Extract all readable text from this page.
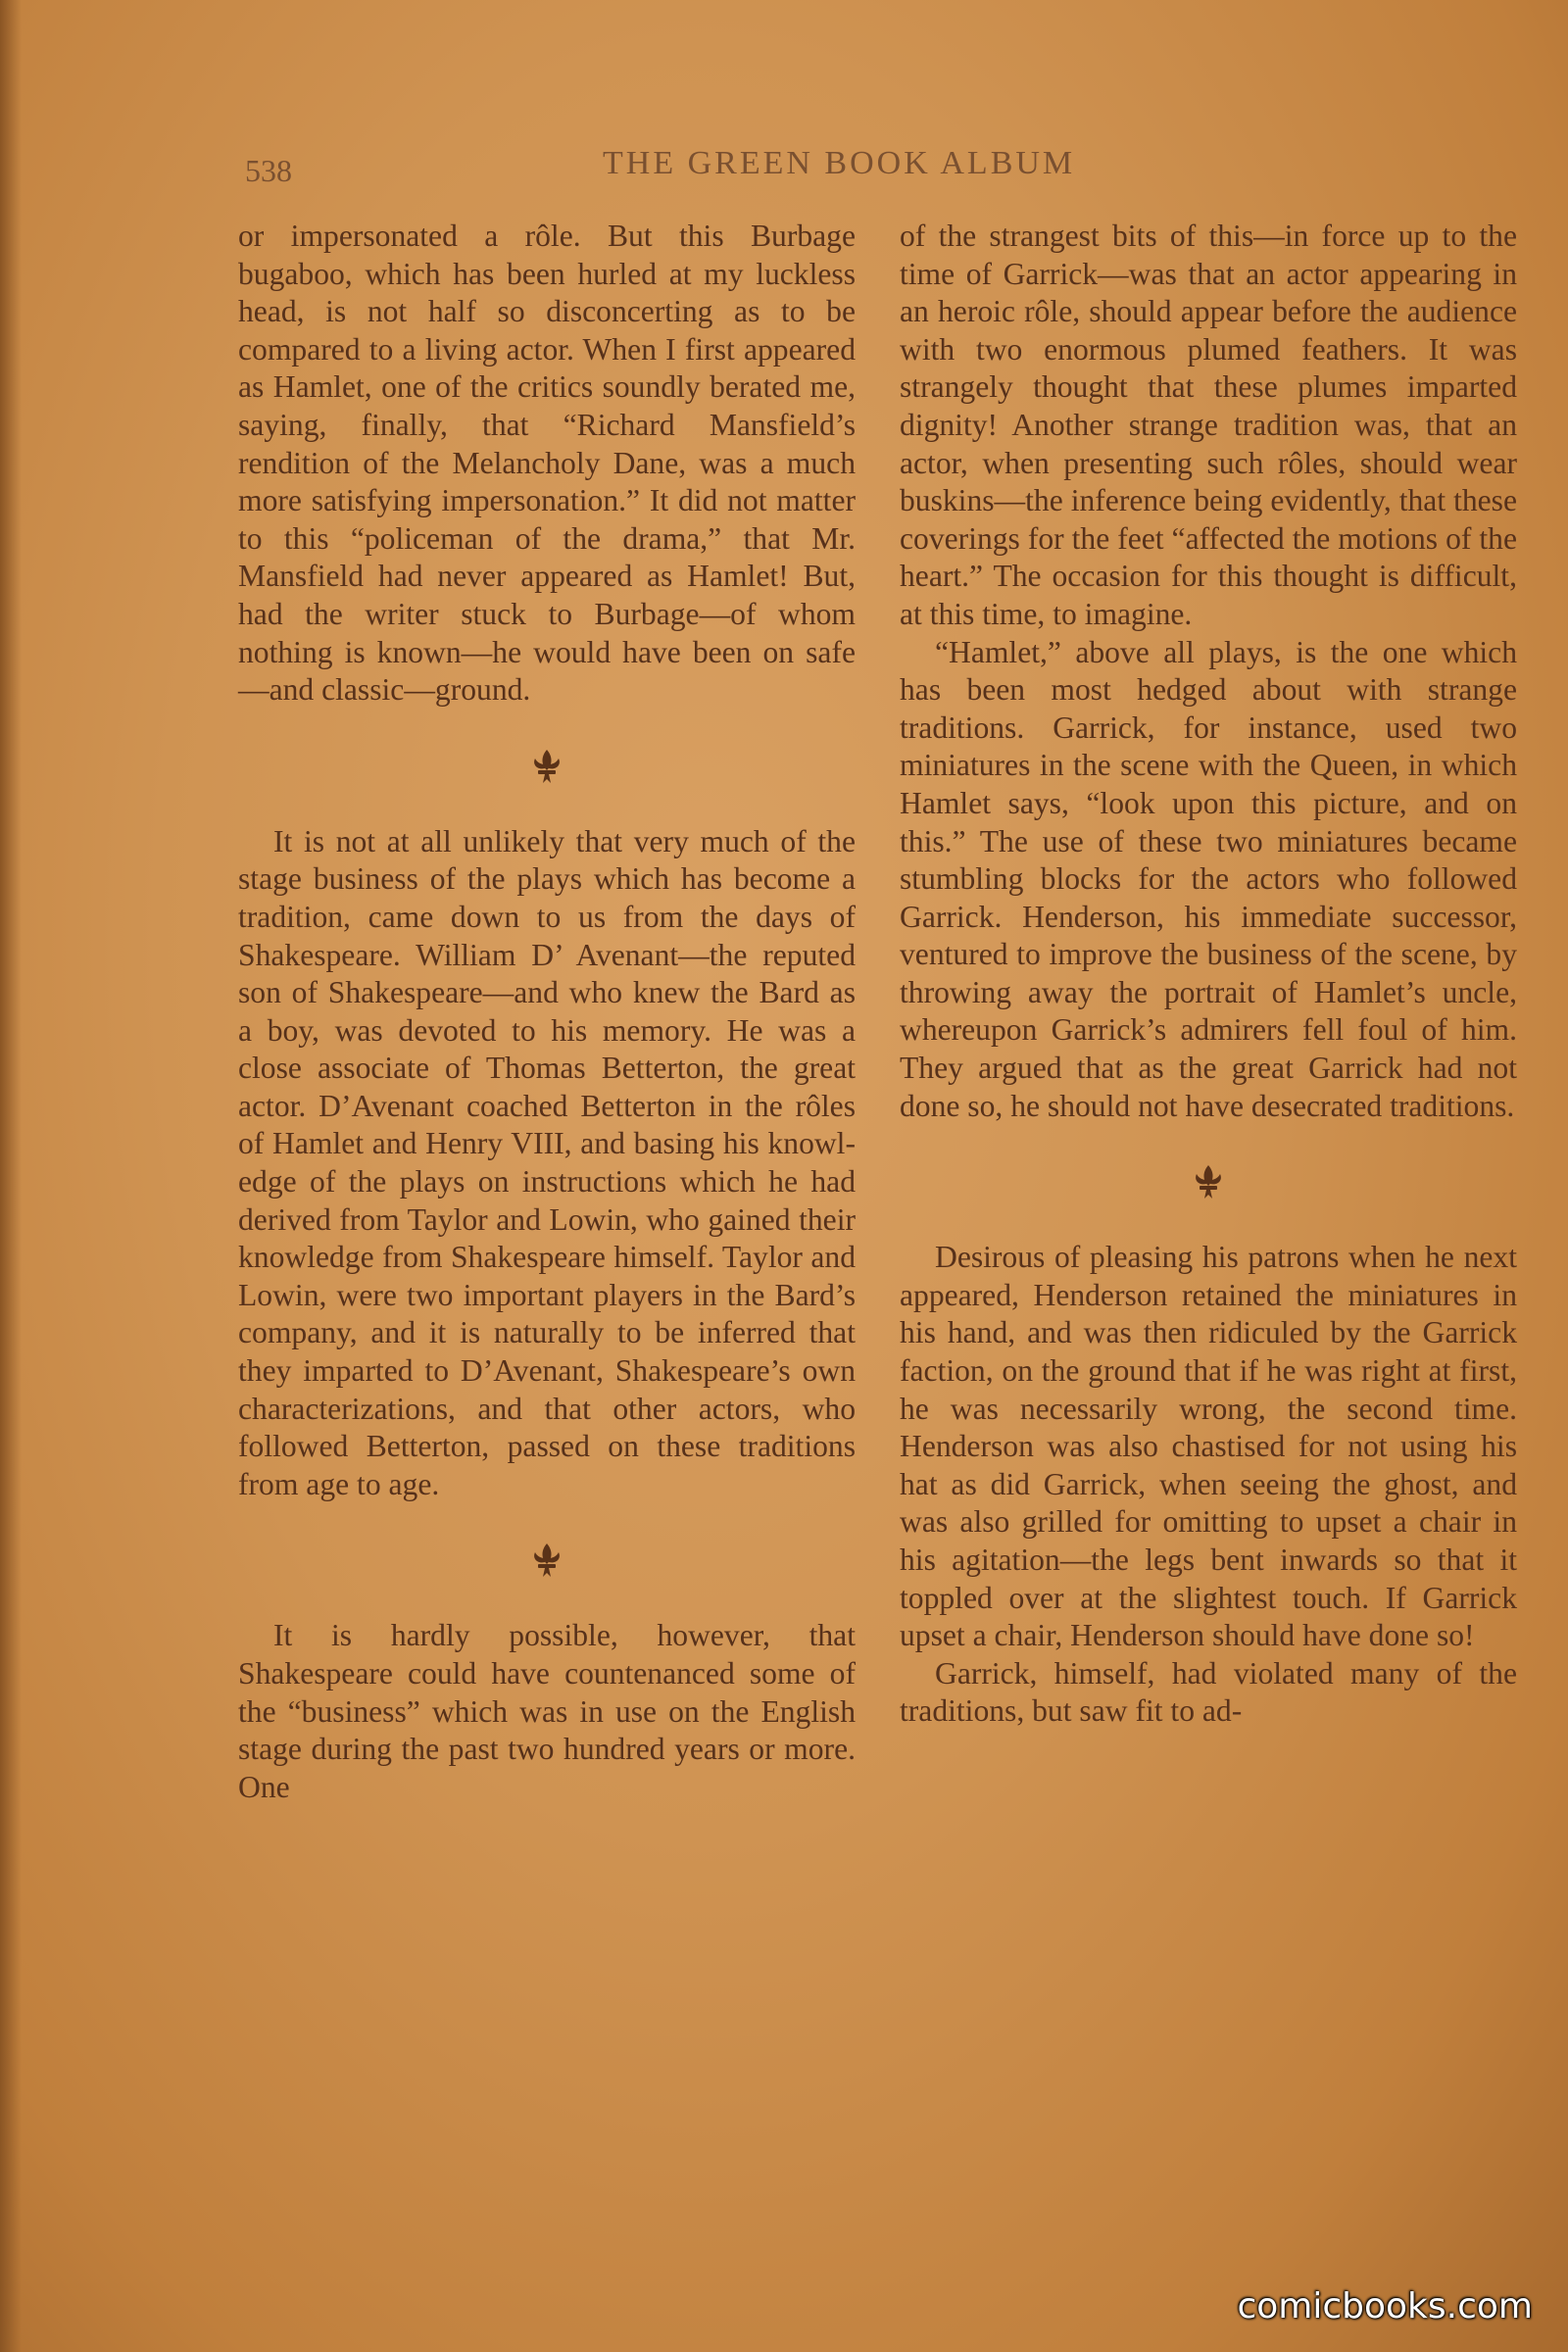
538	THE GREEN BOOK ALBUM

or impersonated a rôle. But this Burbage bugaboo, which has been hurled at my luckless head, is not half so disconcerting as to be compared to a living actor. When I first appeared as Hamlet, one of the critics soundly berated me, saying, finally, that “Richard Mansfield’s rendition of the Melancholy Dane, was a much more satisfying impersonation.” It did not matter to this “policeman of the drama,” that Mr. Mansfield had never appeared as Hamlet! But, had the writer stuck to Burbage—of whom nothing is known—he would have been on safe—and classic—ground.

It is not at all unlikely that very much of the stage business of the plays which has become a tradition, came down to us from the days of Shakespeare. William D’ Avenant—the reputed son of Shakespeare—and who knew the Bard as a boy, was devoted to his memory. He was a close associate of Thomas Betterton, the great actor. D’Avenant coached Betterton in the rôles of Hamlet and Henry VIII, and basing his knowledge of the plays on instructions which he had derived from Taylor and Lowin, who gained their knowledge from Shakespeare himself. Taylor and Lowin, were two important players in the Bard’s company, and it is naturally to be inferred that they imparted to D’Avenant, Shakespeare’s own characterizations, and that other actors, who followed Betterton, passed on these traditions from age to age.

It is hardly possible, however, that Shakespeare could have countenanced some of the “business” which was in use on the English stage during the past two hundred years or more. One

of the strangest bits of this—in force up to the time of Garrick—was that an actor appearing in an heroic rôle, should appear before the audience with two enormous plumed feathers. It was strangely thought that these plumes imparted dignity! Another strange tradition was, that an actor, when presenting such rôles, should wear buskins—the inference being evidently, that these coverings for the feet “affected the motions of the heart.” The occasion for this thought is difficult, at this time, to imagine.

“Hamlet,” above all plays, is the one which has been most hedged about with strange traditions. Garrick, for instance, used two miniatures in the scene with the Queen, in which Hamlet says, “look upon this picture, and on this.” The use of these two miniatures became stumbling blocks for the actors who followed Garrick. Henderson, his immediate successor, ventured to improve the business of the scene, by throwing away the portrait of Hamlet’s uncle, whereupon Garrick’s admirers fell foul of him. They argued that as the great Garrick had not done so, he should not have desecrated traditions.

Desirous of pleasing his patrons when he next appeared, Henderson retained the miniatures in his hand, and was then ridiculed by the Garrick faction, on the ground that if he was right at first, he was necessarily wrong, the second time. Henderson was also chastised for not using his hat as did Garrick, when seeing the ghost, and was also grilled for omitting to upset a chair in his agitation—the legs bent inwards so that it toppled over at the slightest touch. If Garrick upset a chair, Henderson should have done so!

Garrick, himself, had violated many of the traditions, but saw fit to ad-

comicbooks.com
